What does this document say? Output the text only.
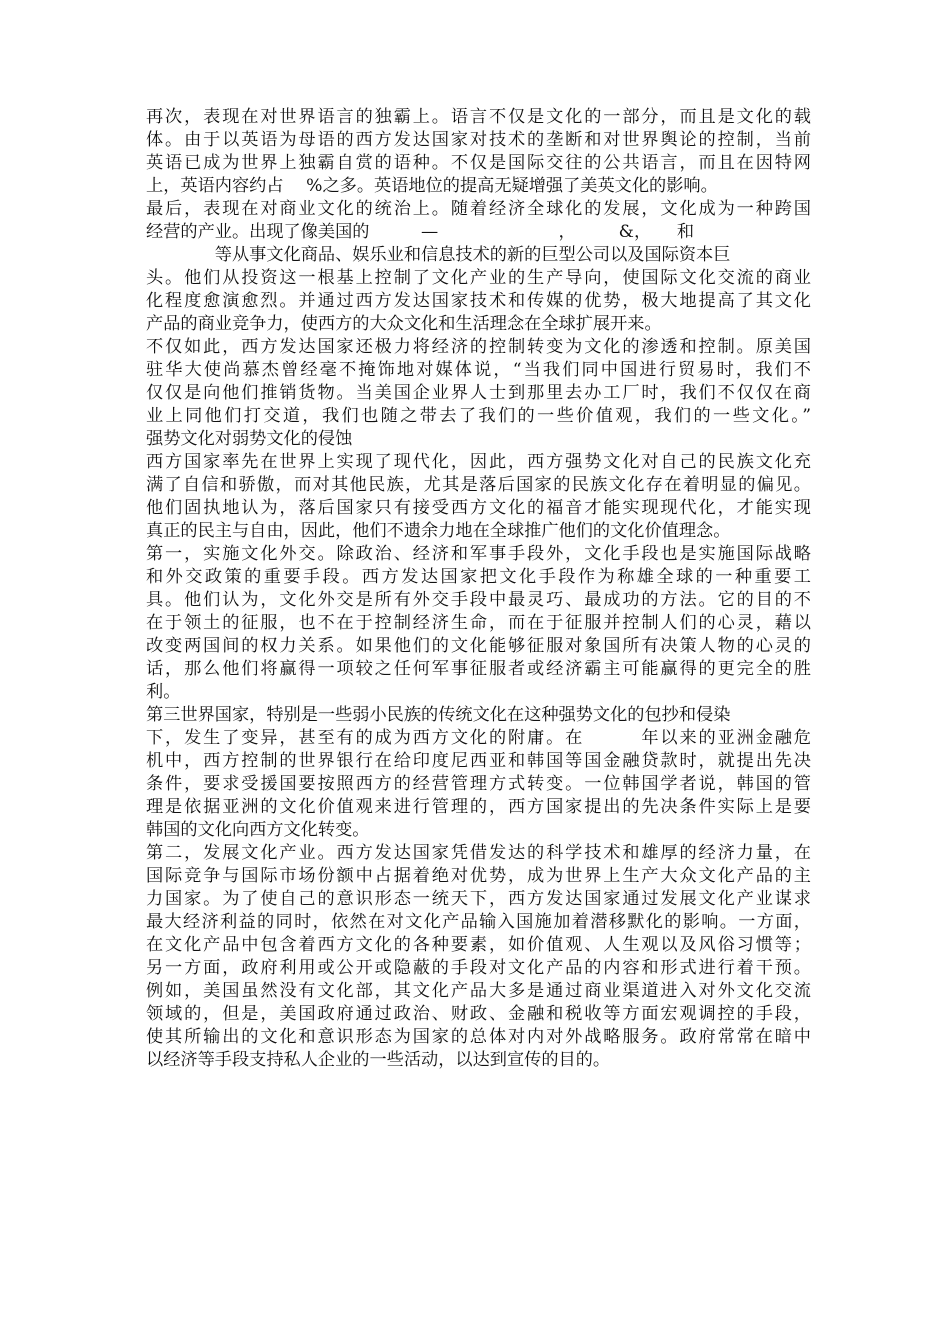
再次，表现在对世界语言的独霸上。语言不仅是文化的一部分，而且是文化的载
体。由于以英语为母语的西方发达国家对技术的垄断和对世界舆论的控制，当前
英语已成为世界上独霸自赏的语种。不仅是国际交往的公共语言，而且在因特网
上，英语内容约占　 %之多。英语地位的提高无疑增强了美英文化的影响。
最后，表现在对商业文化的统治上。随着经济全球化的发展，文化成为一种跨国
经营的产业。出现了像美国的　　　—　　　　　　　，　　　&，　　和
　　　　等从事文化商品、娱乐业和信息技术的新的巨型公司以及国际资本巨
头。他们从投资这一根基上控制了文化产业的生产导向，使国际文化交流的商业
化程度愈演愈烈。并通过西方发达国家技术和传媒的优势，极大地提高了其文化
产品的商业竞争力，使西方的大众文化和生活理念在全球扩展开来。
不仅如此，西方发达国家还极力将经济的控制转变为文化的渗透和控制。原美国
驻华大使尚慕杰曾经毫不掩饰地对媒体说，“当我们同中国进行贸易时，我们不
仅仅是向他们推销货物。当美国企业界人士到那里去办工厂时，我们不仅仅在商
业上同他们打交道，我们也随之带去了我们的一些价值观，我们的一些文化。”
强势文化对弱势文化的侵蚀
西方国家率先在世界上实现了现代化，因此，西方强势文化对自己的民族文化充
满了自信和骄傲，而对其他民族，尤其是落后国家的民族文化存在着明显的偏见。
他们固执地认为，落后国家只有接受西方文化的福音才能实现现代化，才能实现
真正的民主与自由，因此，他们不遗余力地在全球推广他们的文化价值理念。
第一，实施文化外交。除政治、经济和军事手段外，文化手段也是实施国际战略
和外交政策的重要手段。西方发达国家把文化手段作为称雄全球的一种重要工
具。他们认为，文化外交是所有外交手段中最灵巧、最成功的方法。它的目的不
在于领土的征服，也不在于控制经济生命，而在于征服并控制人们的心灵，藉以
改变两国间的权力关系。如果他们的文化能够征服对象国所有决策人物的心灵的
话，那么他们将赢得一项较之任何军事征服者或经济霸主可能赢得的更完全的胜
利。
第三世界国家，特别是一些弱小民族的传统文化在这种强势文化的包抄和侵染
下，发生了变异，甚至有的成为西方文化的附庸。在　　　年以来的亚洲金融危
机中，西方控制的世界银行在给印度尼西亚和韩国等国金融贷款时，就提出先决
条件，要求受援国要按照西方的经营管理方式转变。一位韩国学者说，韩国的管
理是依据亚洲的文化价值观来进行管理的，西方国家提出的先决条件实际上是要
韩国的文化向西方文化转变。
第二，发展文化产业。西方发达国家凭借发达的科学技术和雄厚的经济力量，在
国际竞争与国际市场份额中占据着绝对优势，成为世界上生产大众文化产品的主
力国家。为了使自己的意识形态一统天下，西方发达国家通过发展文化产业谋求
最大经济利益的同时，依然在对文化产品输入国施加着潜移默化的影响。一方面，
在文化产品中包含着西方文化的各种要素，如价值观、人生观以及风俗习惯等；
另一方面，政府利用或公开或隐蔽的手段对文化产品的内容和形式进行着干预。
例如，美国虽然没有文化部，其文化产品大多是通过商业渠道进入对外文化交流
领域的，但是，美国政府通过政治、财政、金融和税收等方面宏观调控的手段，
使其所输出的文化和意识形态为国家的总体对内对外战略服务。政府常常在暗中
以经济等手段支持私人企业的一些活动，以达到宣传的目的。
